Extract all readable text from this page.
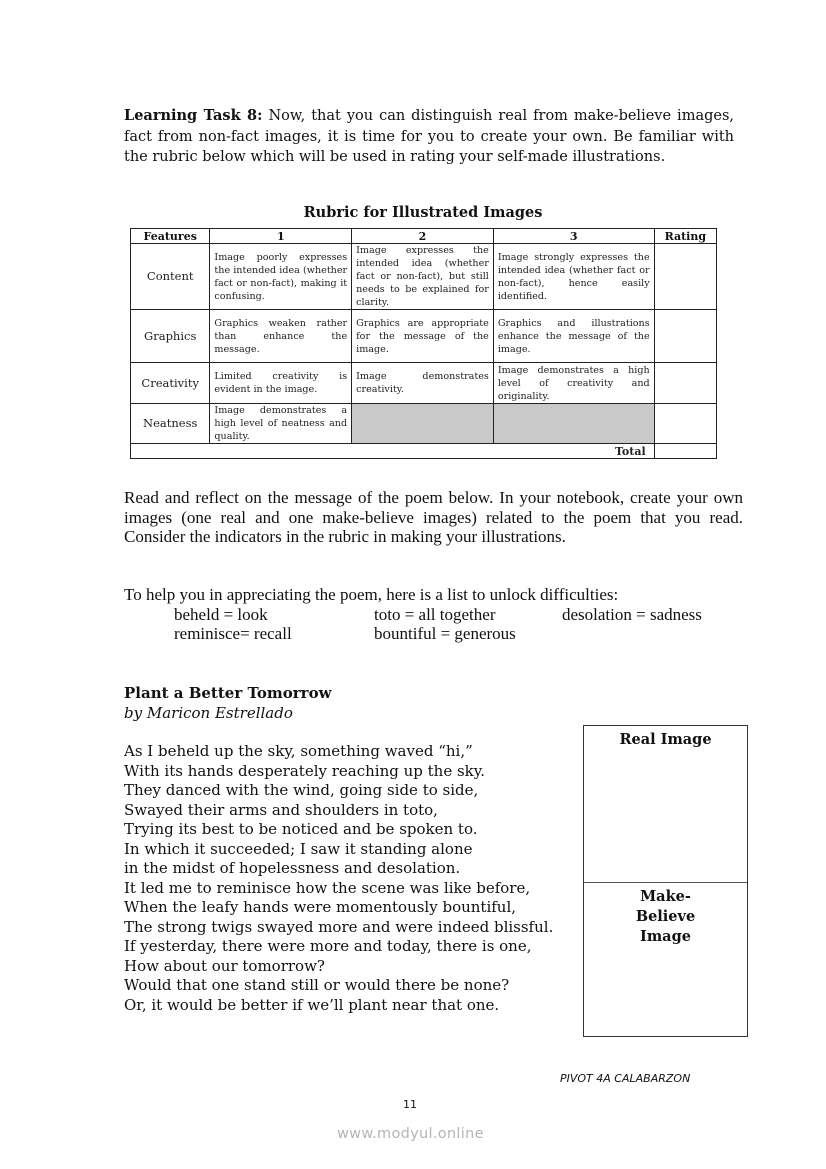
Learning Task 8: Now, that you can distinguish real from make-believe images, fact from non-fact images, it is time for you to create your own. Be familiar with the rubric below which will be used in rating your self-made illustrations.
Rubric for Illustrated Images
Features	1	2	3	Rating
Content	Image poorly expresses the intended idea (whether fact or non-fact), making it confusing.	Image expresses the intended idea (whether fact or non-fact), but still needs to be explained for clarity.	Image strongly expresses the intended idea (whether fact or non-fact), hence easily identified.	
Graphics	Graphics weaken rather than enhance the message.	Graphics are appropriate for the message of the image.	Graphics and illustrations enhance the message of the image.	
Creativity	Limited creativity is evident in the image.	Image demonstrates creativity.	Image demonstrates a high level of creativity and originality.	
Neatness	Image demonstrates a high level of neatness and quality.			
Total				
Read and reflect on the message of the poem below. In your notebook, create your own images (one real and one make-believe images) related to the poem that you read. Consider the indicators in the rubric in making your illustrations.
To help you in appreciating the poem, here is a list to unlock difficulties:
beheld = look	toto = all together	desolation = sadness
reminisce= recall	bountiful = generous
Plant a Better Tomorrow
by Maricon Estrellado
As I beheld up the sky, something waved “hi,”
With its hands desperately reaching up the sky.
They danced with the wind, going side to side,
Swayed their arms and shoulders in toto,
Trying its best to be noticed and be spoken to.
In which it succeeded; I saw it standing alone
in the midst of hopelessness and desolation.
It led me to reminisce how the scene was like before,
When the leafy hands were momentously bountiful,
The strong twigs swayed more and were indeed blissful.
If yesterday, there were more and today, there is one,
How about our tomorrow?
Would that one stand still or would there be none?
Or, it would be better if we’ll plant near that one.
Real Image
Make-Believe Image
PIVOT 4A CALABARZON
11
www.modyul.online
